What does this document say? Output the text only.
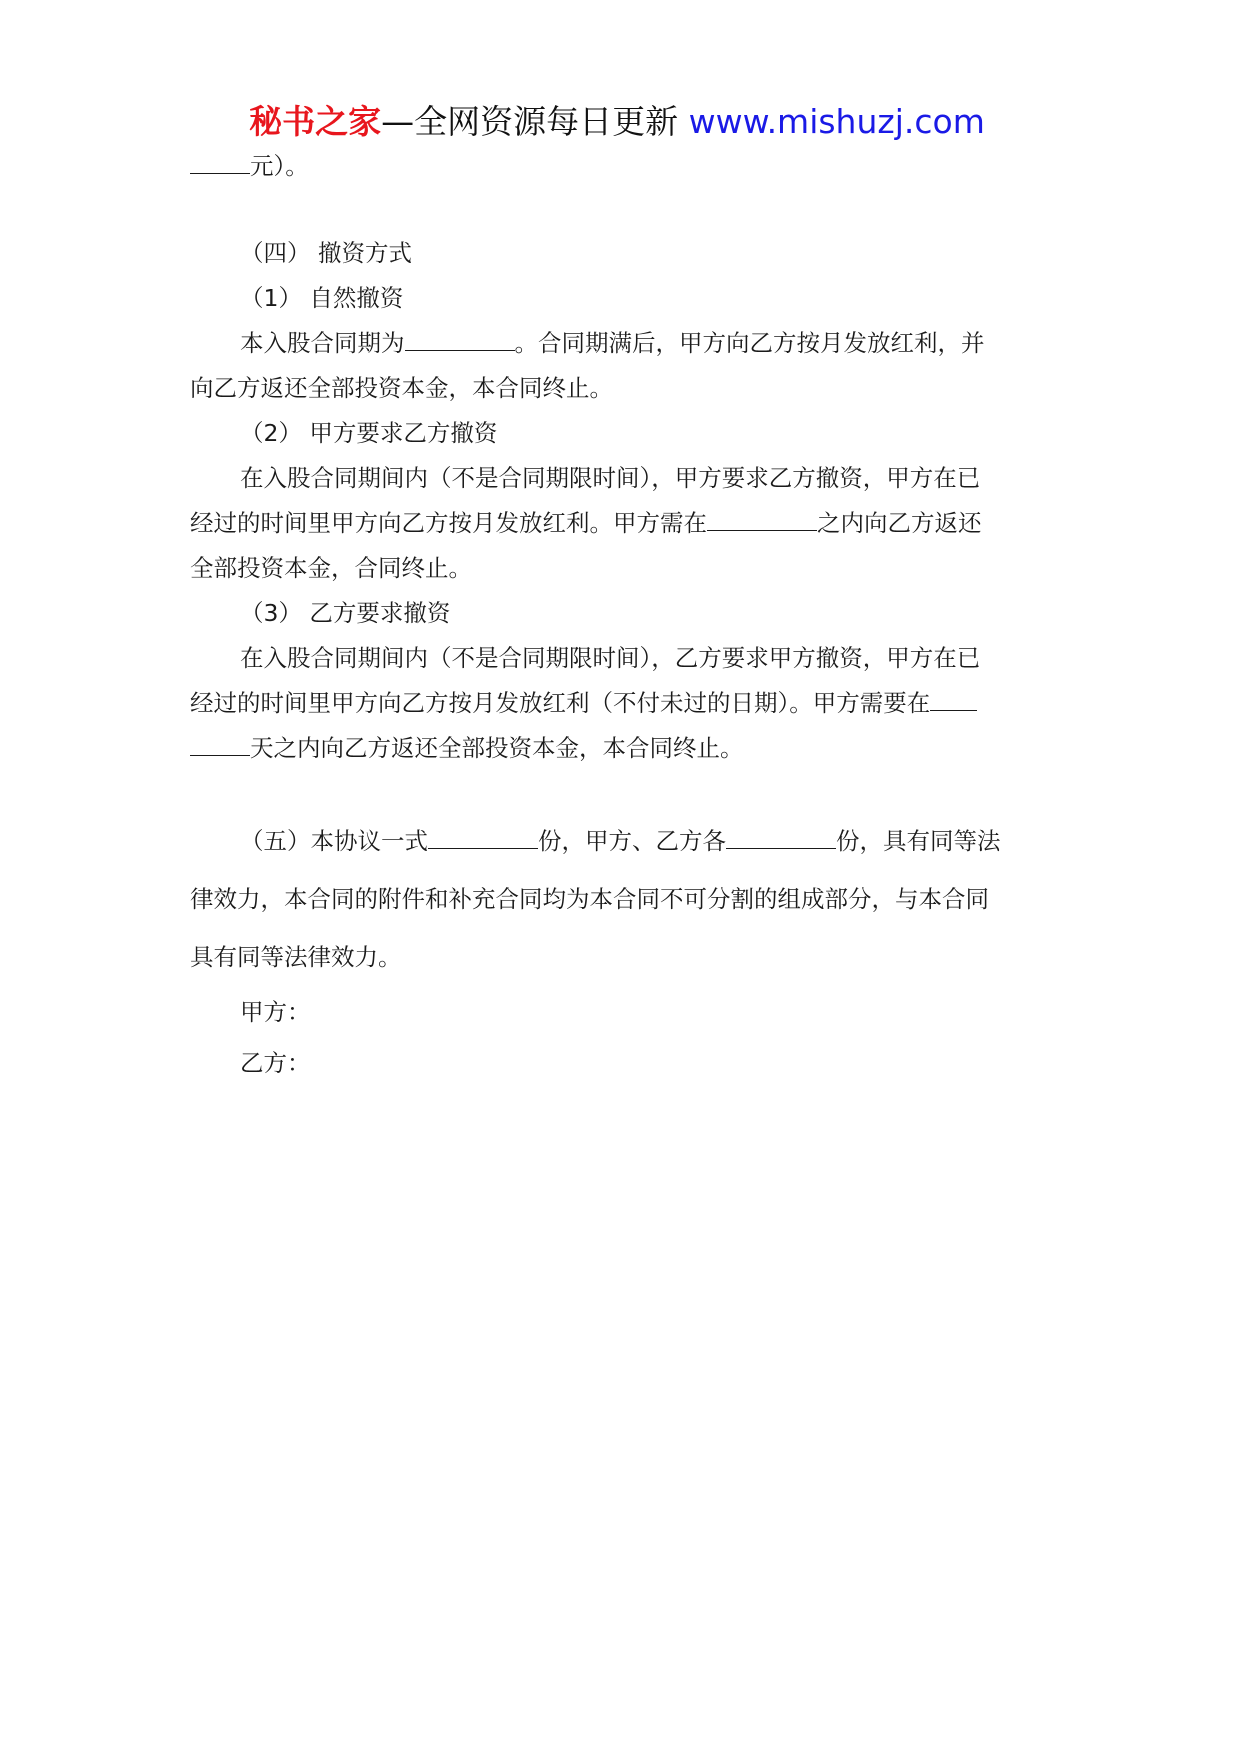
秘书之家—全网资源每日更新 www.mishuzj.com
元）。
（四） 撤资方式
（1） 自然撤资
本入股合同期为	。合同期满后，甲方向乙方按月发放红利，并
向乙方返还全部投资本金，本合同终止。
（2） 甲方要求乙方撤资
在入股合同期间内（不是合同期限时间），甲方要求乙方撤资，甲方在已
经过的时间里甲方向乙方按月发放红利。甲方需在	之内向乙方返还
全部投资本金，合同终止。
（3） 乙方要求撤资
在入股合同期间内（不是合同期限时间），乙方要求甲方撤资，甲方在已
经过的时间里甲方向乙方按月发放红利（不付未过的日期）。甲方需要在
天之内向乙方返还全部投资本金，本合同终止。
（五）本协议一式	份，甲方、乙方各	份，具有同等法
律效力，本合同的附件和补充合同均为本合同不可分割的组成部分，与本合同
具有同等法律效力。
甲方：
乙方：
